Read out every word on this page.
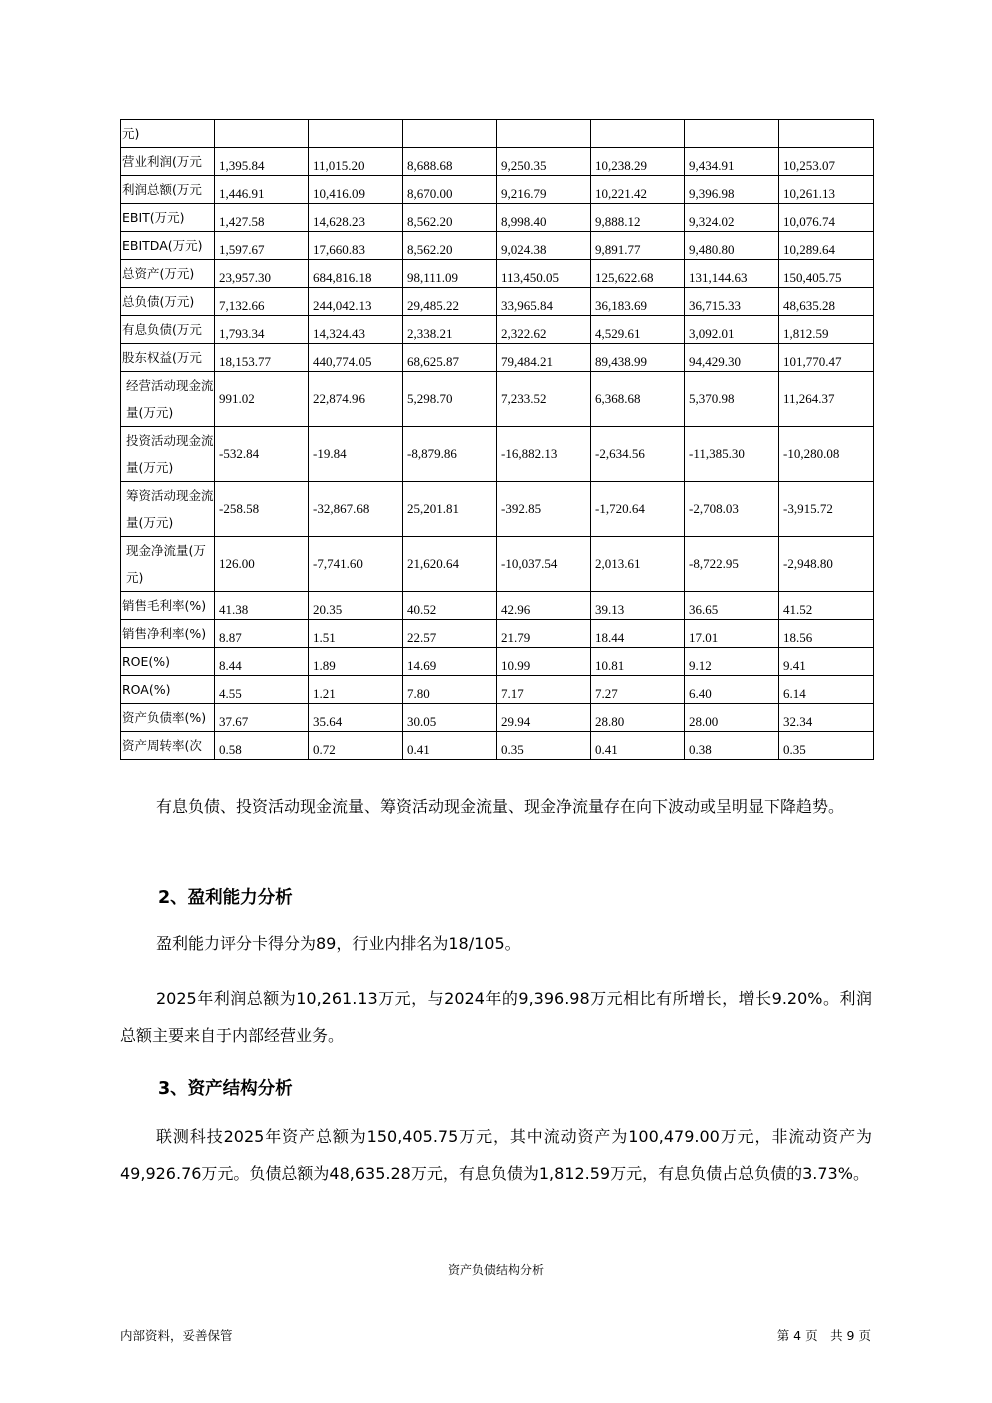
元)							
营业利润(万元	1,395.84	11,015.20	8,688.68	9,250.35	10,238.29	9,434.91	10,253.07
利润总额(万元	1,446.91	10,416.09	8,670.00	9,216.79	10,221.42	9,396.98	10,261.13
EBIT(万元)	1,427.58	14,628.23	8,562.20	8,998.40	9,888.12	9,324.02	10,076.74
EBITDA(万元)	1,597.67	17,660.83	8,562.20	9,024.38	9,891.77	9,480.80	10,289.64
总资产(万元)	23,957.30	684,816.18	98,111.09	113,450.05	125,622.68	131,144.63	150,405.75
总负债(万元)	7,132.66	244,042.13	29,485.22	33,965.84	36,183.69	36,715.33	48,635.28
有息负债(万元	1,793.34	14,324.43	2,338.21	2,322.62	4,529.61	3,092.01	1,812.59
股东权益(万元	18,153.77	440,774.05	68,625.87	79,484.21	89,438.99	94,429.30	101,770.47
经营活动现金流量(万元)	991.02	22,874.96	5,298.70	7,233.52	6,368.68	5,370.98	11,264.37
投资活动现金流量(万元)	-532.84	-19.84	-8,879.86	-16,882.13	-2,634.56	-11,385.30	-10,280.08
筹资活动现金流量(万元)	-258.58	-32,867.68	25,201.81	-392.85	-1,720.64	-2,708.03	-3,915.72
现金净流量(万元)	126.00	-7,741.60	21,620.64	-10,037.54	2,013.61	-8,722.95	-2,948.80
销售毛利率(%)	41.38	20.35	40.52	42.96	39.13	36.65	41.52
销售净利率(%)	8.87	1.51	22.57	21.79	18.44	17.01	18.56
ROE(%)	8.44	1.89	14.69	10.99	10.81	9.12	9.41
ROA(%)	4.55	1.21	7.80	7.17	7.27	6.40	6.14
资产负债率(%)	37.67	35.64	30.05	29.94	28.80	28.00	32.34
资产周转率(次	0.58	0.72	0.41	0.35	0.41	0.38	0.35
有息负债、投资活动现金流量、筹资活动现金流量、现金净流量存在向下波动或呈明显下降趋势。
2、盈利能力分析
盈利能力评分卡得分为89，行业内排名为18/105。
2025年利润总额为10,261.13万元，与2024年的9,396.98万元相比有所增长，增长9.20%。利润总额主要来自于内部经营业务。
3、资产结构分析
联测科技2025年资产总额为150,405.75万元，其中流动资产为100,479.00万元，非流动资产为49,926.76万元。负债总额为48,635.28万元，有息负债为1,812.59万元，有息负债占总负债的3.73%。
资产负债结构分析
内部资料，妥善保管	第 4 页　共 9 页
